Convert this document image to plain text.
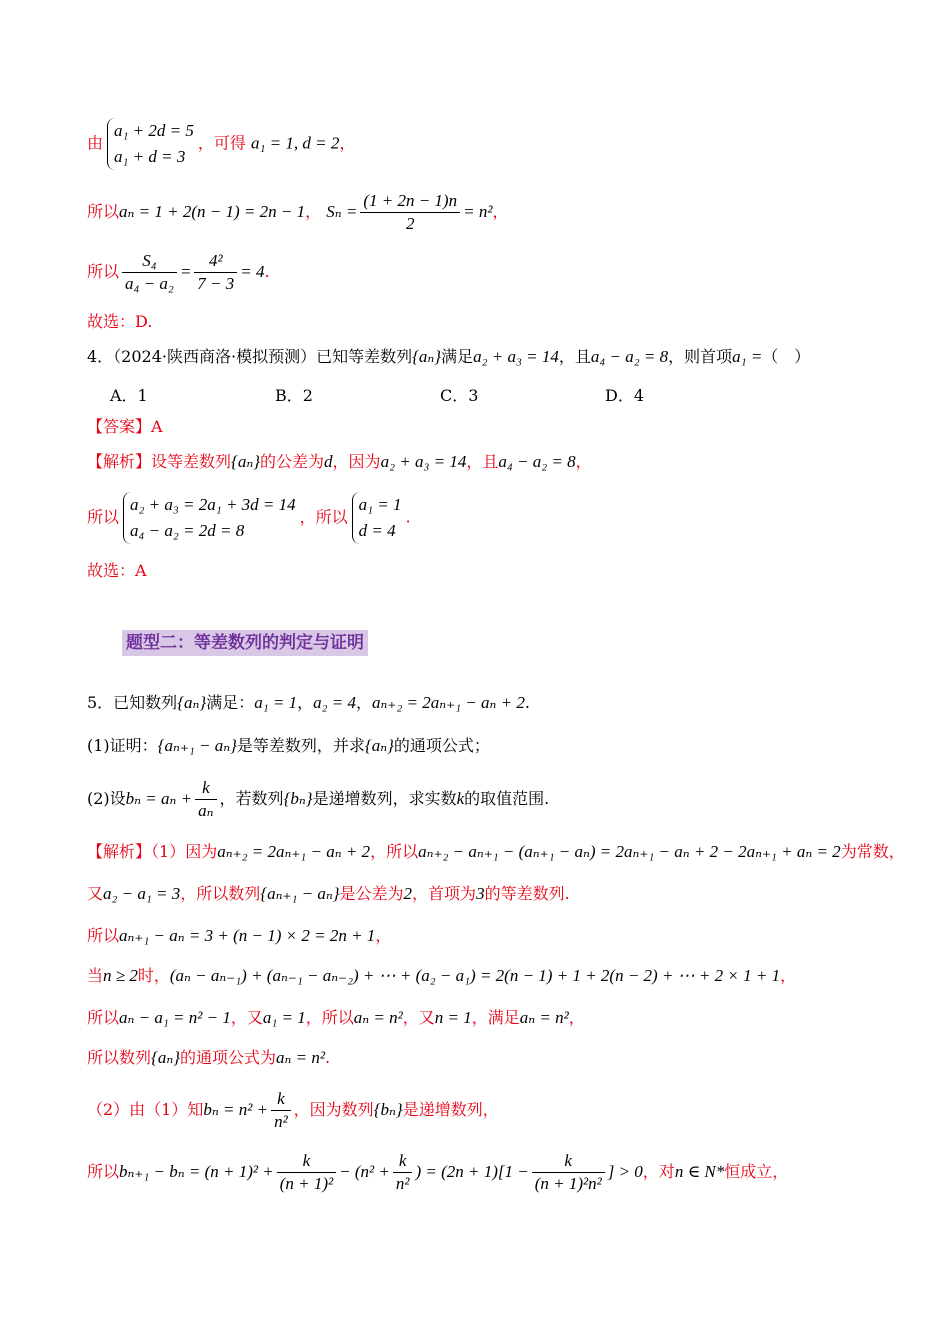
由
a₁ + 2d = 5
a₁ + d = 3
，可得 a₁ = 1, d = 2，
所以aₙ = 1 + 2(n − 1) = 2n − 1， $S_n = \frac{(1 + 2n - 1)n}{2} = n^2$，
所以 $\frac{\text{S₄}}{\text{a₄ − a₂}} = \frac{\text{4²}}{7 - 3} = 4$.
故选：D.
4．（2024·陕西商洛·模拟预测）已知等差数列{aₙ}满足a₂ + a₃ = 14，且a₄ − a₂ = 8，则首项a₁ =（　）
A．1	B．2	C．3	D．4
【答案】A
【解析】设等差数列{aₙ}的公差为d，因为a₂ + a₃ = 14，且a₄ − a₂ = 8，
所以
a₂ + a₃ = 2a₁ + 3d = 14
a₄ − a₂ = 2d = 8
，所以
a₁ = 1
d = 4
.
故选：A
题型二：等差数列的判定与证明
5．已知数列{aₙ}满足：a₁ = 1，a₂ = 4，aₙ₊₂ = 2aₙ₊₁ − aₙ + 2.
(1)证明：{aₙ₊₁ − aₙ}是等差数列，并求{aₙ}的通项公式；
(2)设$b_n = a_n + \frac{k}{\text{aₙ}}$ ，若数列{bₙ}是递增数列，求实数k的取值范围.
【解析】（1）因为aₙ₊₂ = 2aₙ₊₁ − aₙ + 2，所以aₙ₊₂ − aₙ₊₁ − (aₙ₊₁ − aₙ) = 2aₙ₊₁ − aₙ + 2 − 2aₙ₊₁ + aₙ = 2为常数，
又a₂ − a₁ = 3，所以数列{aₙ₊₁ − aₙ}是公差为2，首项为3的等差数列.
所以aₙ₊₁ − aₙ = 3 + (n − 1) × 2 = 2n + 1，
当n ≥ 2时，(aₙ − aₙ₋₁) + (aₙ₋₁ − aₙ₋₂) + ⋯ + (a₂ − a₁) = 2(n − 1) + 1 + 2(n − 2) + ⋯ + 2 × 1 + 1，
所以aₙ − a₁ = n² − 1，又a₁ = 1，所以aₙ = n²，又n = 1，满足aₙ = n²，
所以数列{aₙ}的通项公式为aₙ = n².
（2）由（1）知$b_n = n^2 + \frac{k}{\text{n²}}$ ，因为数列{bₙ}是递增数列，
所以$b_{n+1} - b_n = (n + 1)^2 + \frac{k}{\text{(n + 1)²}} - (n^2 + \frac{k}{\text{n²}}$ ) = $(2n + 1)[1 - \frac{k}{\text{(n + 1)²n²}}$ ] > 0，对n ∈ N*恒成立，
